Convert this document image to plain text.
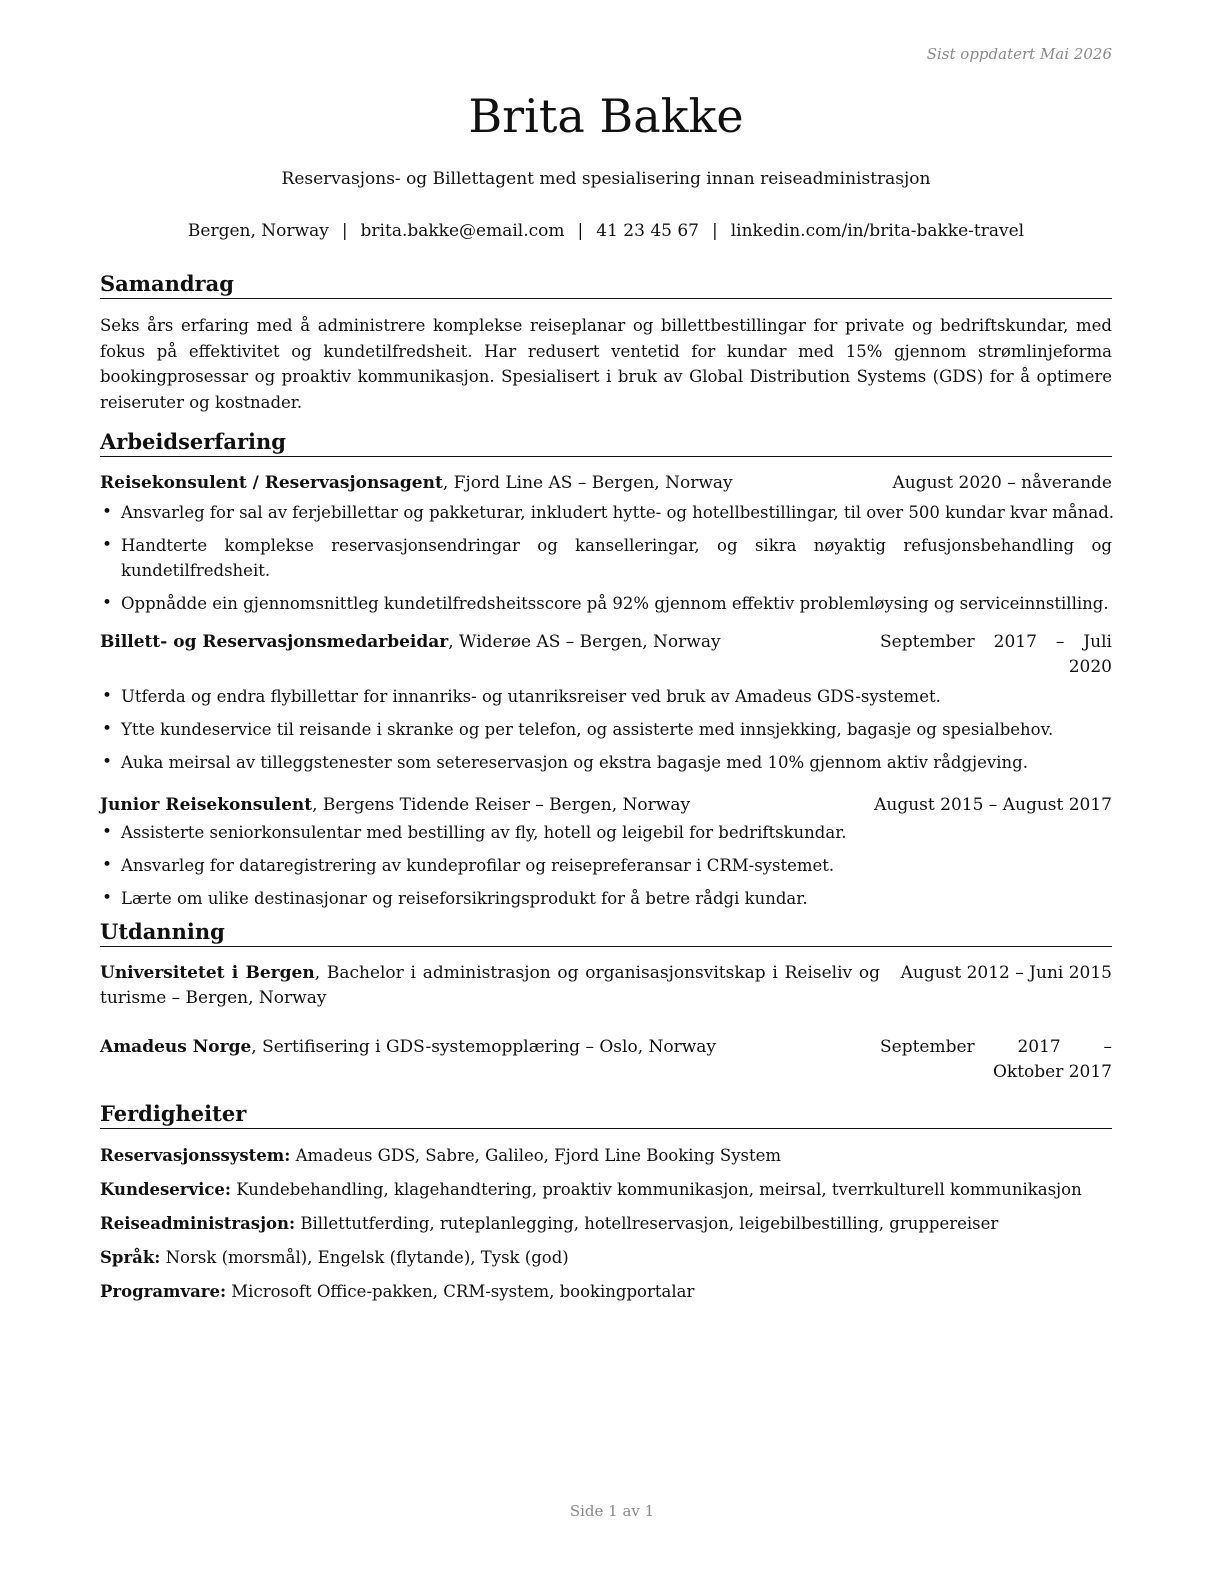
Sist oppdatert Mai 2026
Brita Bakke
Reservasjons- og Billettagent med spesialisering innan reiseadministrasjon
Bergen, Norway | brita.bakke@email.com | 41 23 45 67 | linkedin.com/in/brita-bakke-travel
Samandrag

Seks års erfaring med å administrere komplekse reiseplanar og billettbestillingar for private og bedriftskundar, med fokus på effektivitet og kundetilfredsheit. Har redusert ventetid for kundar med 15% gjennom strømlinjeforma bookingprosessar og proaktiv kommunikasjon. Spesialisert i bruk av Global Distribution Systems (GDS) for å optimere reiseruter og kostnader.

Arbeidserfaring
Reisekonsulent / Reservasjonsagent, Fjord Line AS – Bergen, Norway	August 2020 – nåverande
• Ansvarleg for sal av ferjebillettar og pakketurar, inkludert hytte- og hotellbestillingar, til over 500 kundar kvar månad.
• Handterte komplekse reservasjonsendringar og kanselleringar, og sikra nøyaktig refusjonsbehandling og kundetilfredsheit.
• Oppnådde ein gjennomsnittleg kundetilfredsheitsscore på 92% gjennom effektiv problemløysing og serviceinnstilling.
Billett- og Reservasjonsmedarbeidar, Widerøe AS – Bergen, Norway	September 2017 – Juli 2020
• Utferda og endra flybillettar for innanriks- og utanriksreiser ved bruk av Amadeus GDS-systemet.
• Ytte kundeservice til reisande i skranke og per telefon, og assisterte med innsjekking, bagasje og spesialbehov.
• Auka meirsal av tilleggstenester som setereservasjon og ekstra bagasje med 10% gjennom aktiv rådgjeving.
Junior Reisekonsulent, Bergens Tidende Reiser – Bergen, Norway	August 2015 – August 2017
• Assisterte seniorkonsulentar med bestilling av fly, hotell og leigebil for bedriftskundar.
• Ansvarleg for dataregistrering av kundeprofilar og reisepreferansar i CRM-systemet.
• Lærte om ulike destinasjonar og reiseforsikringsprodukt for å betre rådgi kundar.
Utdanning
Universitetet i Bergen, Bachelor i administrasjon og organisasjonsvitskap i Reiseliv og turisme – Bergen, Norway
August 2012 – Juni 2015
Amadeus Norge, Sertifisering i GDS-systemopplæring – Oslo, Norway	September 2017 – Oktober 2017
Ferdigheiter
Reservasjonssystem: Amadeus GDS, Sabre, Galileo, Fjord Line Booking System
Kundeservice: Kundebehandling, klagehandtering, proaktiv kommunikasjon, meirsal, tverrkulturell kommunikasjon
Reiseadministrasjon: Billettutferding, ruteplanlegging, hotellreservasjon, leigebilbestilling, gruppereiser
Språk: Norsk (morsmål), Engelsk (flytande), Tysk (god)
Programvare: Microsoft Office-pakken, CRM-system, bookingportalar
Side 1 av 1
